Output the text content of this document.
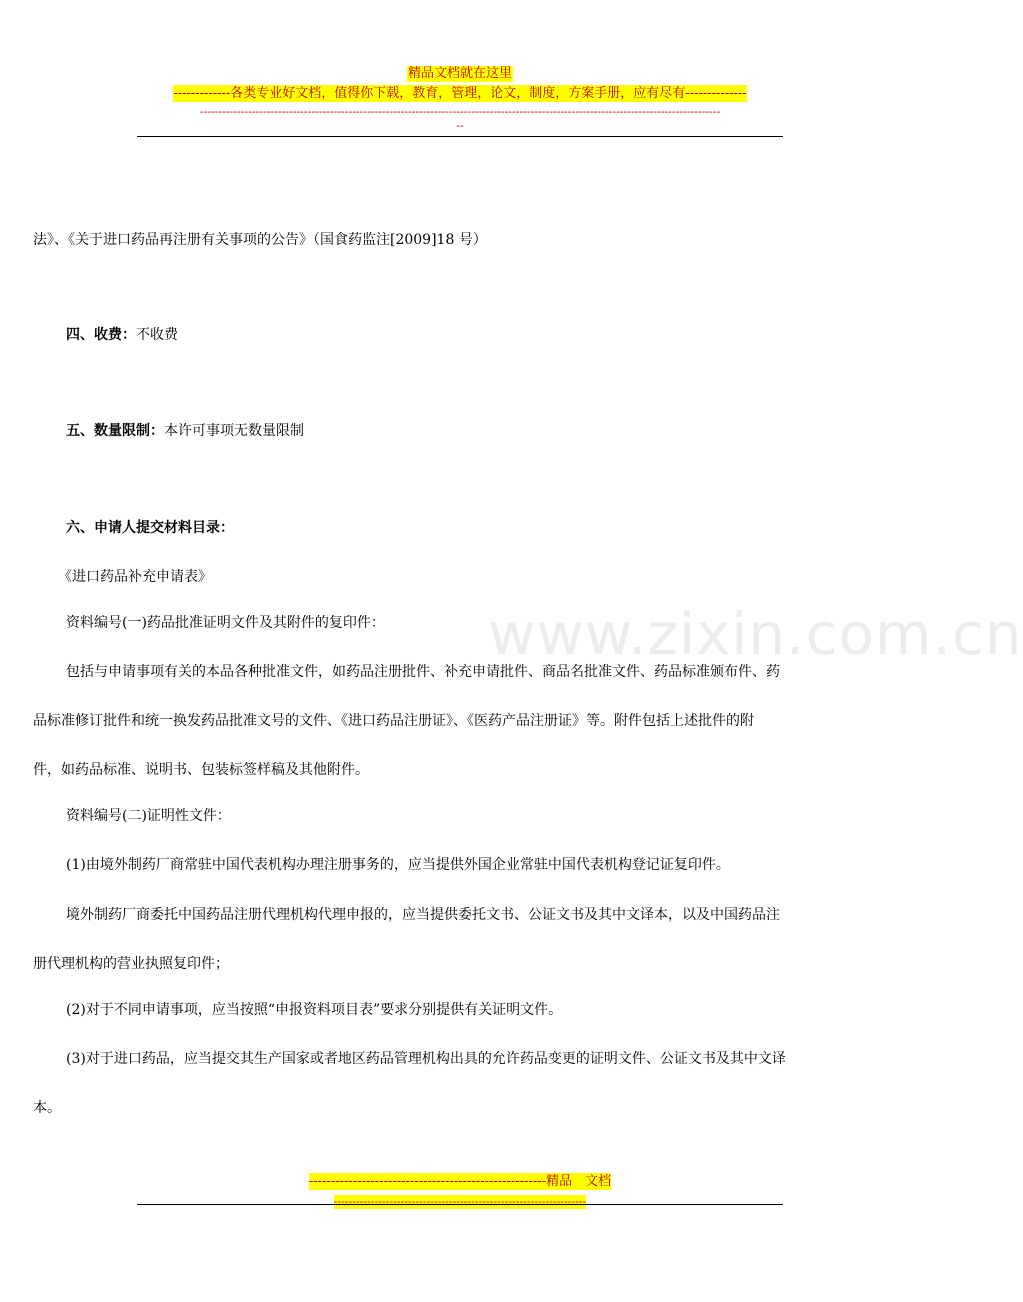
精品文档就在这里
-------------各类专业好文档，值得你下载，教育，管理，论文，制度，方案手册，应有尽有--------------
--------------------------------------------------------------------------------------------------------------------------------------------
--
www.zixin.com.cn

法》、《关于进口药品再注册有关事项的公告》（国食药监注[2009]18 号）

四、收费：不收费

五、数量限制：本许可事项无数量限制

六、申请人提交材料目录：

《进口药品补充申请表》

资料编号(一)药品批准证明文件及其附件的复印件：

包括与申请事项有关的本品各种批准文件，如药品注册批件、补充申请批件、商品名批准文件、药品标准颁布件、药

品标准修订批件和统一换发药品批准文号的文件、《进口药品注册证》、《医药产品注册证》等。附件包括上述批件的附

件，如药品标准、说明书、包装标签样稿及其他附件。

资料编号(二)证明性文件：

(1)由境外制药厂商常驻中国代表机构办理注册事务的，应当提供外国企业常驻中国代表机构登记证复印件。

境外制药厂商委托中国药品注册代理机构代理申报的，应当提供委托文书、公证文书及其中文译本，以及中国药品注

册代理机构的营业执照复印件；

(2)对于不同申请事项，应当按照“申报资料项目表”要求分别提供有关证明文件。

(3)对于进口药品，应当提交其生产国家或者地区药品管理机构出具的允许药品变更的证明文件、公证文书及其中文译

本。

------------------------------------------------------精品　文档
--------------------------------------------------------------------
